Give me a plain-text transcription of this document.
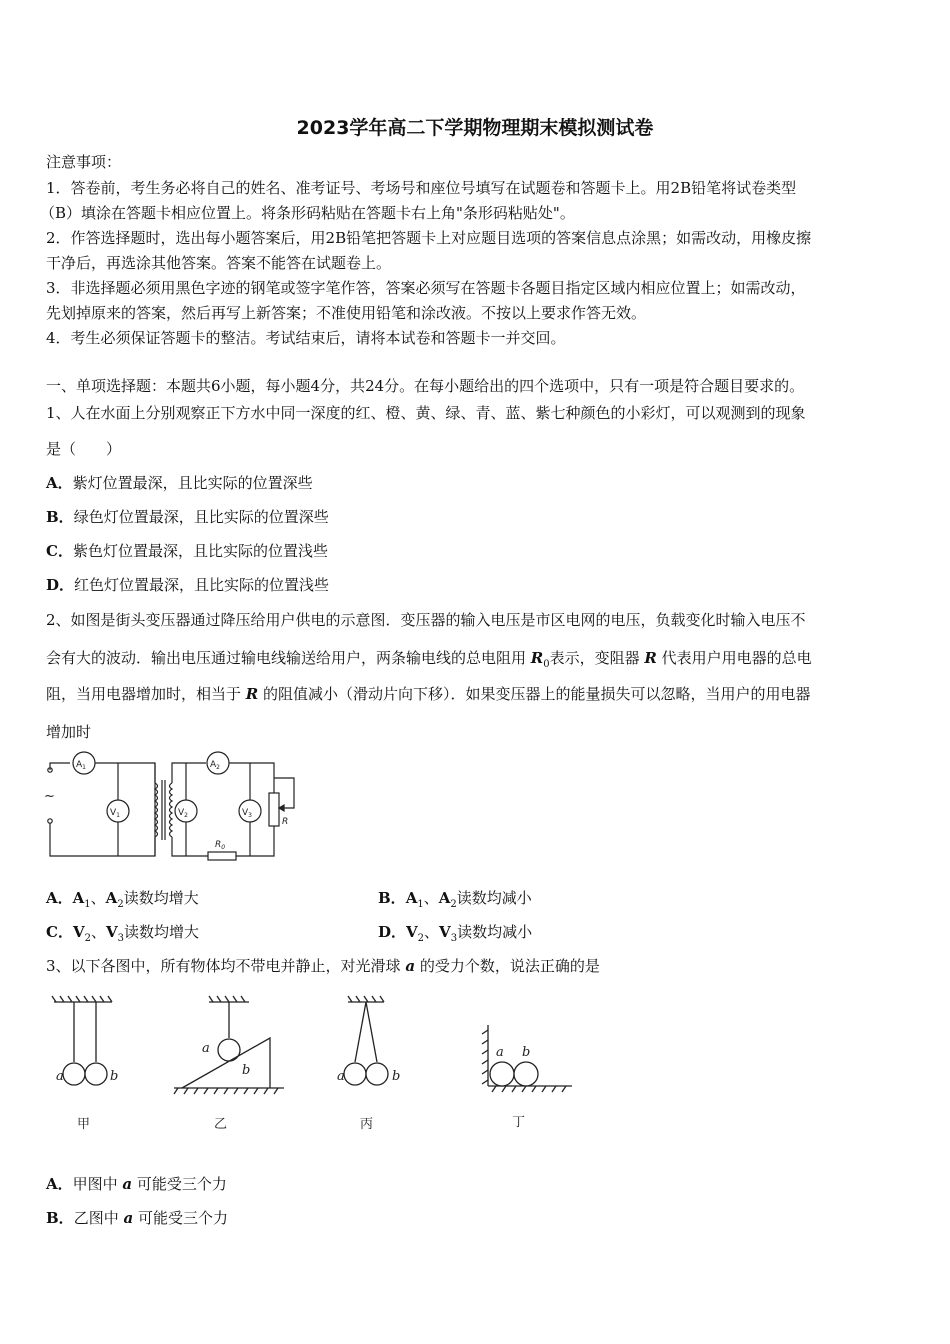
2023学年高二下学期物理期末模拟测试卷
注意事项：
1．答卷前，考生务必将自己的姓名、准考证号、考场号和座位号填写在试题卷和答题卡上。用2B铅笔将试卷类型
（B）填涂在答题卡相应位置上。将条形码粘贴在答题卡右上角"条形码粘贴处"。
2．作答选择题时，选出每小题答案后，用2B铅笔把答题卡上对应题目选项的答案信息点涂黑；如需改动，用橡皮擦
干净后，再选涂其他答案。答案不能答在试题卷上。
3．非选择题必须用黑色字迹的钢笔或签字笔作答，答案必须写在答题卡各题目指定区域内相应位置上；如需改动，
先划掉原来的答案，然后再写上新答案；不准使用铅笔和涂改液。不按以上要求作答无效。
4．考生必须保证答题卡的整洁。考试结束后，请将本试卷和答题卡一并交回。
一、单项选择题：本题共6小题，每小题4分，共24分。在每小题给出的四个选项中，只有一项是符合题目要求的。
1、人在水面上分别观察正下方水中同一深度的红、橙、黄、绿、青、蓝、紫七种颜色的小彩灯，可以观测到的现象
是（　　）
A．紫灯位置最深，且比实际的位置深些
B．绿色灯位置最深，且比实际的位置深些
C．紫色灯位置最深，且比实际的位置浅些
D．红色灯位置最深，且比实际的位置浅些
2、如图是街头变压器通过降压给用户供电的示意图．变压器的输入电压是市区电网的电压，负载变化时输入电压不
会有大的波动．输出电压通过输电线输送给用户，两条输电线的总电阻用 $R_0$表示，变阻器 R 代表用户用电器的总电
阻，当用电器增加时，相当于 R 的阻值减小（滑动片向下移）．如果变压器上的能量损失可以忽略，当用户的用电器
增加时
~
$A_1$
$V_1$
$A_2$
$V_2$
$R_0$
$V_3$
R
A．$A_1$、$A_2$读数均增大	B．$A_1$、$A_2$读数均减小
C．$V_2$、$V_3$读数均增大	D．$V_2$、$V_3$读数均减小
3、以下各图中，所有物体均不带电并静止，对光滑球 a 的受力个数，说法正确的是
a	b
甲
a
b
乙
a	b
丙
a b
丁
A．甲图中 a 可能受三个力
B．乙图中 a 可能受三个力
